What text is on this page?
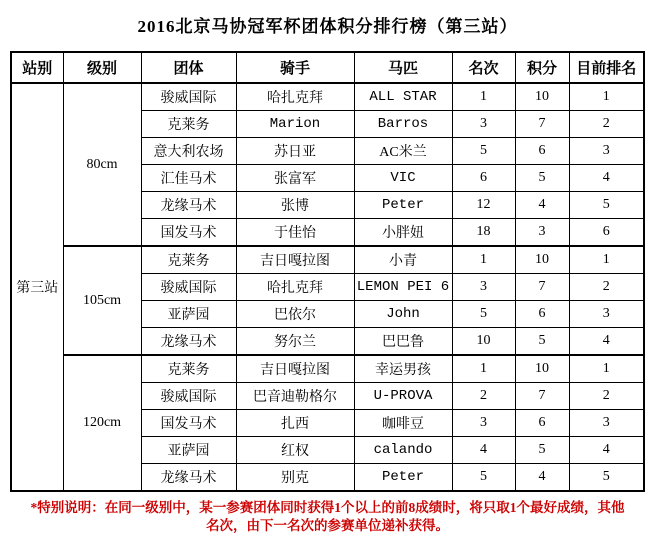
2016北京马协冠军杯团体积分排行榜（第三站）
站别	级别	团体	骑手	马匹	名次	积分	目前排名
第三站	80cm	骏威国际	哈扎克拜	ALL STAR	1	10	1
		克莱务	Marion	Barros	3	7	2
		意大利农场	苏日亚	AC米兰	5	6	3
		汇佳马术	张富军	VIC	6	5	4
		龙缘马术	张博	Peter	12	4	5
		国发马术	于佳怡	小胖妞	18	3	6
	105cm	克莱务	吉日嘎拉图	小青	1	10	1
		骏威国际	哈扎克拜	LEMON PEI 6	3	7	2
		亚萨园	巴依尔	John	5	6	3
		龙缘马术	努尔兰	巴巴鲁	10	5	4
	120cm	克莱务	吉日嘎拉图	幸运男孩	1	10	1
		骏威国际	巴音迪勒格尔	U-PROVA	2	7	2
		国发马术	扎西	咖啡豆	3	6	3
		亚萨园	红权	calando	4	5	4
		龙缘马术	别克	Peter	5	4	5
*特别说明：在同一级别中，某一参赛团体同时获得1个以上的前8成绩时，将只取1个最好成绩，其他
名次，由下一名次的参赛单位递补获得。
